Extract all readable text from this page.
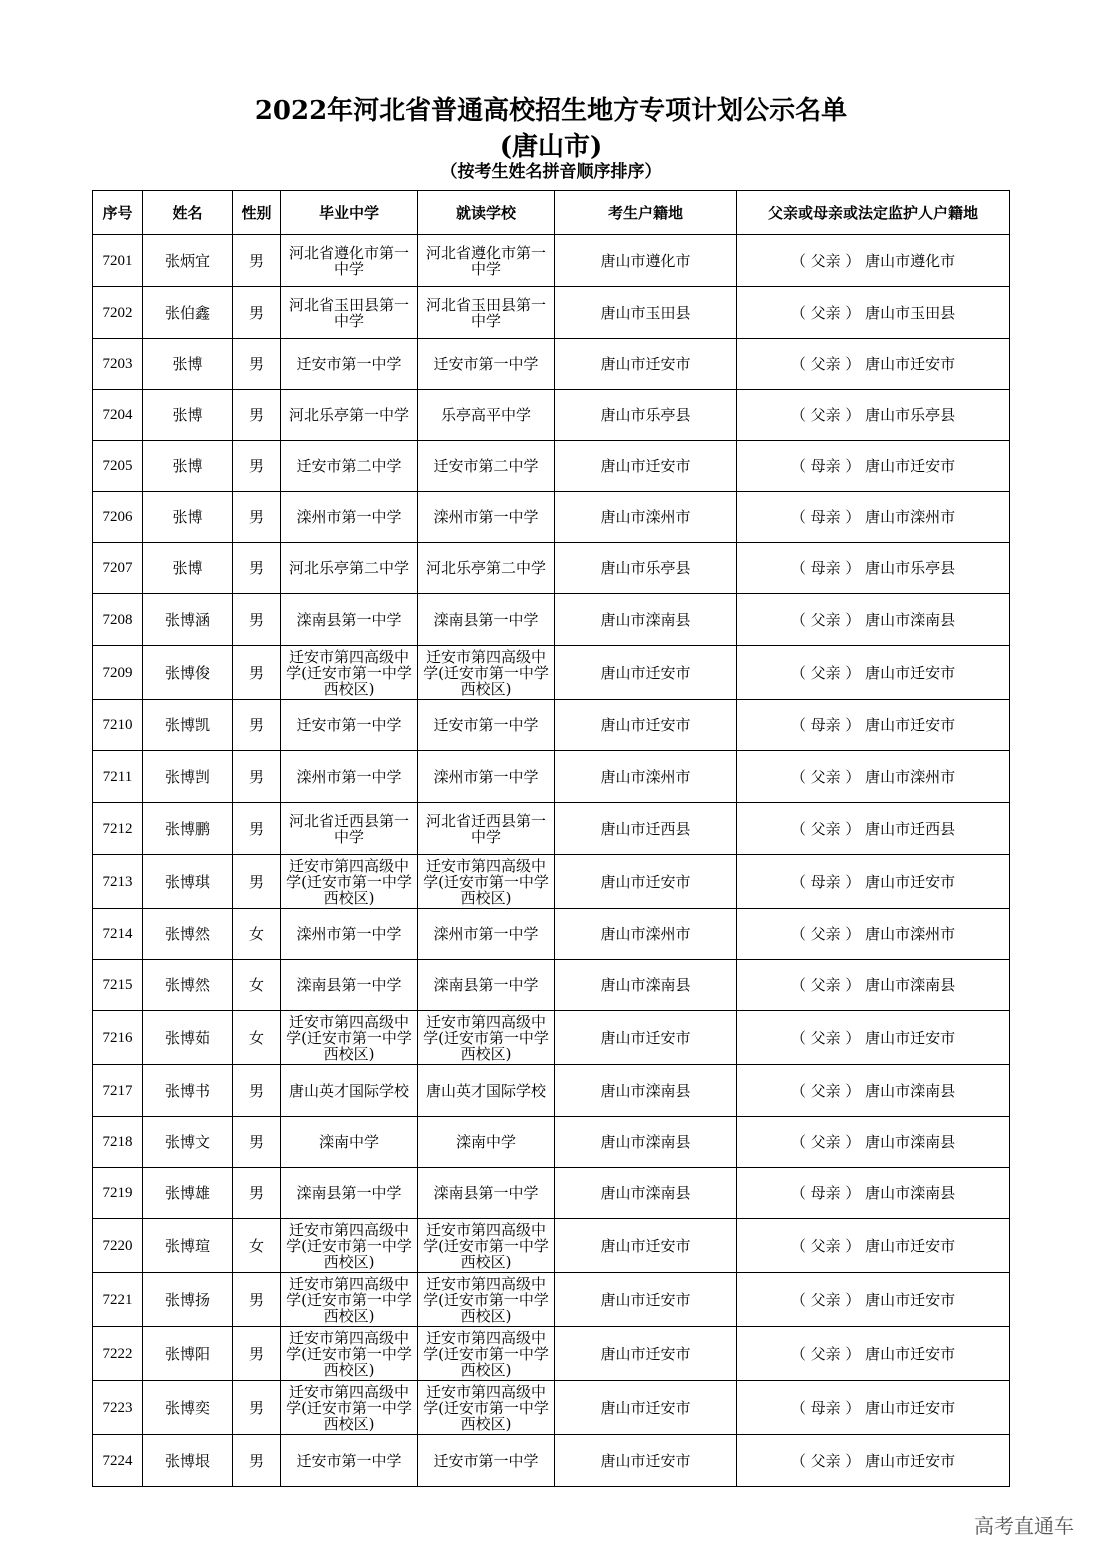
2022年河北省普通高校招生地方专项计划公示名单
(唐山市)
（按考生姓名拼音顺序排序）
序号	姓名	性别	毕业中学	就读学校	考生户籍地	父亲或母亲或法定监护人户籍地
7201	张炳宜	男	河北省遵化市第一中学	河北省遵化市第一中学	唐山市遵化市	（ 父亲 ） 唐山市遵化市
7202	张伯鑫	男	河北省玉田县第一中学	河北省玉田县第一中学	唐山市玉田县	（ 父亲 ） 唐山市玉田县
7203	张博	男	迁安市第一中学	迁安市第一中学	唐山市迁安市	（ 父亲 ） 唐山市迁安市
7204	张博	男	河北乐亭第一中学	乐亭高平中学	唐山市乐亭县	（ 父亲 ） 唐山市乐亭县
7205	张博	男	迁安市第二中学	迁安市第二中学	唐山市迁安市	（ 母亲 ） 唐山市迁安市
7206	张博	男	滦州市第一中学	滦州市第一中学	唐山市滦州市	（ 母亲 ） 唐山市滦州市
7207	张博	男	河北乐亭第二中学	河北乐亭第二中学	唐山市乐亭县	（ 母亲 ） 唐山市乐亭县
7208	张博涵	男	滦南县第一中学	滦南县第一中学	唐山市滦南县	（ 父亲 ） 唐山市滦南县
7209	张博俊	男	迁安市第四高级中学(迁安市第一中学西校区)	迁安市第四高级中学(迁安市第一中学西校区)	唐山市迁安市	（ 父亲 ） 唐山市迁安市
7210	张博凯	男	迁安市第一中学	迁安市第一中学	唐山市迁安市	（ 母亲 ） 唐山市迁安市
7211	张博剀	男	滦州市第一中学	滦州市第一中学	唐山市滦州市	（ 父亲 ） 唐山市滦州市
7212	张博鹏	男	河北省迁西县第一中学	河北省迁西县第一中学	唐山市迁西县	（ 父亲 ） 唐山市迁西县
7213	张博琪	男	迁安市第四高级中学(迁安市第一中学西校区)	迁安市第四高级中学(迁安市第一中学西校区)	唐山市迁安市	（ 母亲 ） 唐山市迁安市
7214	张博然	女	滦州市第一中学	滦州市第一中学	唐山市滦州市	（ 父亲 ） 唐山市滦州市
7215	张博然	女	滦南县第一中学	滦南县第一中学	唐山市滦南县	（ 父亲 ） 唐山市滦南县
7216	张博茹	女	迁安市第四高级中学(迁安市第一中学西校区)	迁安市第四高级中学(迁安市第一中学西校区)	唐山市迁安市	（ 父亲 ） 唐山市迁安市
7217	张博书	男	唐山英才国际学校	唐山英才国际学校	唐山市滦南县	（ 父亲 ） 唐山市滦南县
7218	张博文	男	滦南中学	滦南中学	唐山市滦南县	（ 父亲 ） 唐山市滦南县
7219	张博雄	男	滦南县第一中学	滦南县第一中学	唐山市滦南县	（ 母亲 ） 唐山市滦南县
7220	张博瑄	女	迁安市第四高级中学(迁安市第一中学西校区)	迁安市第四高级中学(迁安市第一中学西校区)	唐山市迁安市	（ 父亲 ） 唐山市迁安市
7221	张博扬	男	迁安市第四高级中学(迁安市第一中学西校区)	迁安市第四高级中学(迁安市第一中学西校区)	唐山市迁安市	（ 父亲 ） 唐山市迁安市
7222	张博阳	男	迁安市第四高级中学(迁安市第一中学西校区)	迁安市第四高级中学(迁安市第一中学西校区)	唐山市迁安市	（ 父亲 ） 唐山市迁安市
7223	张博奕	男	迁安市第四高级中学(迁安市第一中学西校区)	迁安市第四高级中学(迁安市第一中学西校区)	唐山市迁安市	（ 母亲 ） 唐山市迁安市
7224	张博垠	男	迁安市第一中学	迁安市第一中学	唐山市迁安市	（ 父亲 ） 唐山市迁安市
高考直通车
